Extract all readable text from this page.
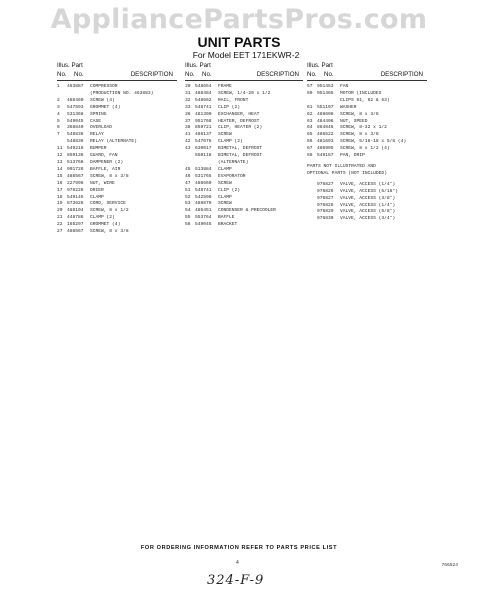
AppliancePartsPros.com
UNIT PARTS
For Model EET 171EKWR-2
Illus. Part
No. No.	DESCRIPTION
1	463887	COMPRESSOR
(PRODUCTION NO. 463883)
2	488460	SCREW (4)
3	547593	GROMMET (4)
4	531368	SPRING
5	549045	CASE
6	368840	OVERLOAD
7	548836	RELAY
548836	RELAY (ALTERNATE)
11 549218	BUMPER
12 859136	GUARD, FAN
13 513768	DAMPENER (2)
14 991726	BAFFLE, AIR
15 488567	SCREW, 8 x 3/8
16 227996	NUT, WIRE
17 978226	DRIER
18 549145	CLAMP
19 873626	CORD, SERVICE
20 488104	SCREW, 8 x 1/2
21 448786	CLAMP (2)
22 165297	GROMMET (4)
27 488567	SCREW, 8 x 3/8
Illus. Part
No. No.	DESCRIPTION
30 548654	FRAME
31 488484	SCREW, 1/4-20 x 1/2
32 548662	RAIL, FRONT
33 548741	CLIP (2)
36 481300	EXCHANGER, HEAT
37 951768	HEATER, DEFROST
38 859721	CLIP, HEATER (2)
41 486137	SCREW
42 547076	CLAMP (2)
43 630017	BIMETAL, DEFROST
550118	BIMETAL, DEFROST
(ALTERNATE)
45 513884	CLAMP
46 531765	EVAPORATOR
47 486660	SCREW
51 548741	CLIP (2)
52 542598	CLAMP
53 488879	SCREW
54 485451	CONDENSER & PRECOOLER
55 553764	BAFFLE
56 549045	BRACKET
Illus. Part
No. No.	DESCRIPTION
57 951453	FAN
60 951465	MOTOR (INCLUDES
CLIPS 61, 62 & 63)
61 551107	WASHER
62 488608	SCREW, 8 x 3/8
63 484406	NUT, SPEED
64 884846	SCREW, 8-32 x 1/2
65 486522	SCREW, 8 x 3/8
66 481693	SCREW, 5/16-18 x 5/8 (4)
67 486995	SCREW, 8 x 1/2 (4)
68 549187	PAN, DRIP
PARTS NOT ILLUSTRATED AND
OPTIONAL PARTS (NOT INCLUDED)
976827	VALVE, ACCESS (1/4")
976826	VALVE, ACCESS (5/16")
976827	VALVE, ACCESS (3/8")
976828	VALVE, ACCESS (1/4")
976829	VALVE, ACCESS (5/8")
976830	VALVE, ACCESS (3/4")
FOR ORDERING INFORMATION REFER TO PARTS PRICE LIST
4	766524
324-F-9
